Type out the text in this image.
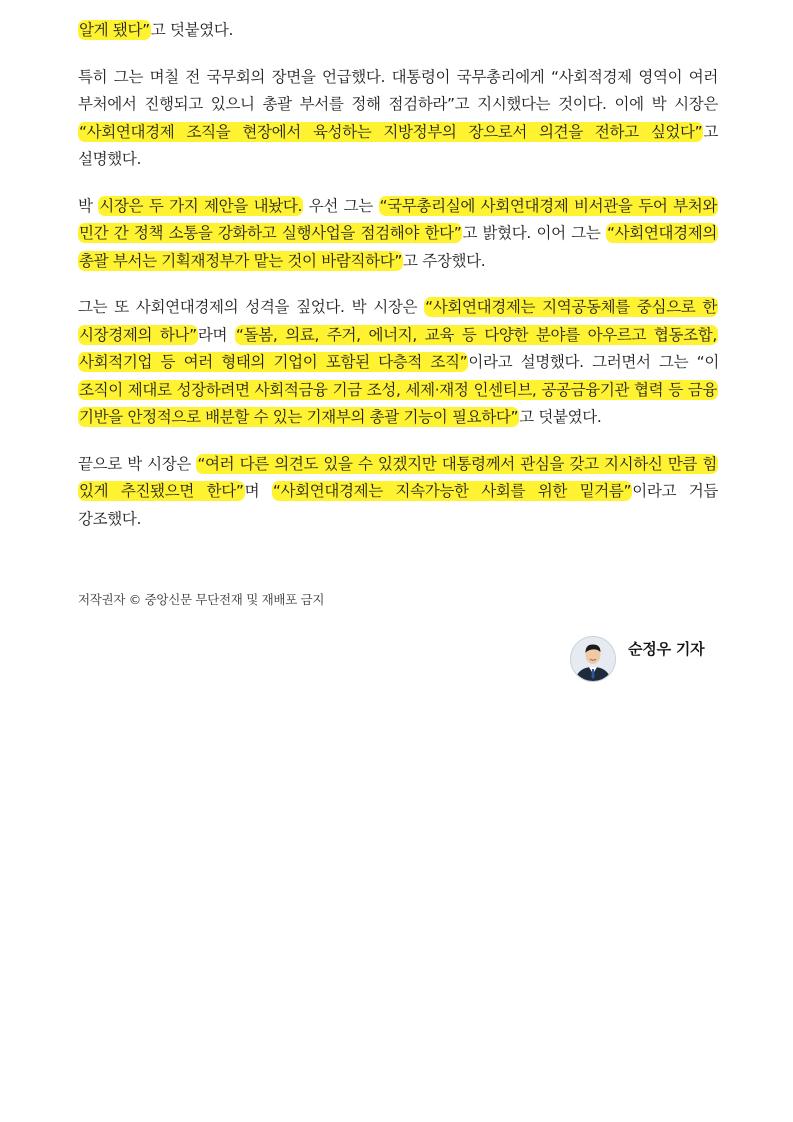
알게 됐다”고 덧붙였다.

특히 그는 며칠 전 국무회의 장면을 언급했다. 대통령이 국무총리에게 “사회적경제 영역이 여러 부처에서 진행되고 있으니 총괄 부서를 정해 점검하라”고 지시했다는 것이다. 이에 박 시장은 “사회연대경제 조직을 현장에서 육성하는 지방정부의 장으로서 의견을 전하고 싶었다”고 설명했다.

박 시장은 두 가지 제안을 내놨다. 우선 그는 “국무총리실에 사회연대경제 비서관을 두어 부처와 민간 간 정책 소통을 강화하고 실행사업을 점검해야 한다”고 밝혔다. 이어 그는 “사회연대경제의 총괄 부서는 기획재정부가 맡는 것이 바람직하다”고 주장했다.

그는 또 사회연대경제의 성격을 짚었다. 박 시장은 “사회연대경제는 지역공동체를 중심으로 한 시장경제의 하나”라며 “돌봄, 의료, 주거, 에너지, 교육 등 다양한 분야를 아우르고 협동조합, 사회적기업 등 여러 형태의 기업이 포함된 다층적 조직”이라고 설명했다. 그러면서 그는 “이 조직이 제대로 성장하려면 사회적금융 기금 조성, 세제·재정 인센티브, 공공금융기관 협력 등 금융 기반을 안정적으로 배분할 수 있는 기재부의 총괄 기능이 필요하다”고 덧붙였다.

끝으로 박 시장은 “여러 다른 의견도 있을 수 있겠지만 대통령께서 관심을 갖고 지시하신 만큼 힘 있게 추진됐으면 한다”며 “사회연대경제는 지속가능한 사회를 위한 밑거름”이라고 거듭 강조했다.

저작권자 © 중앙신문 무단전재 및 재배포 금지
순정우 기자
